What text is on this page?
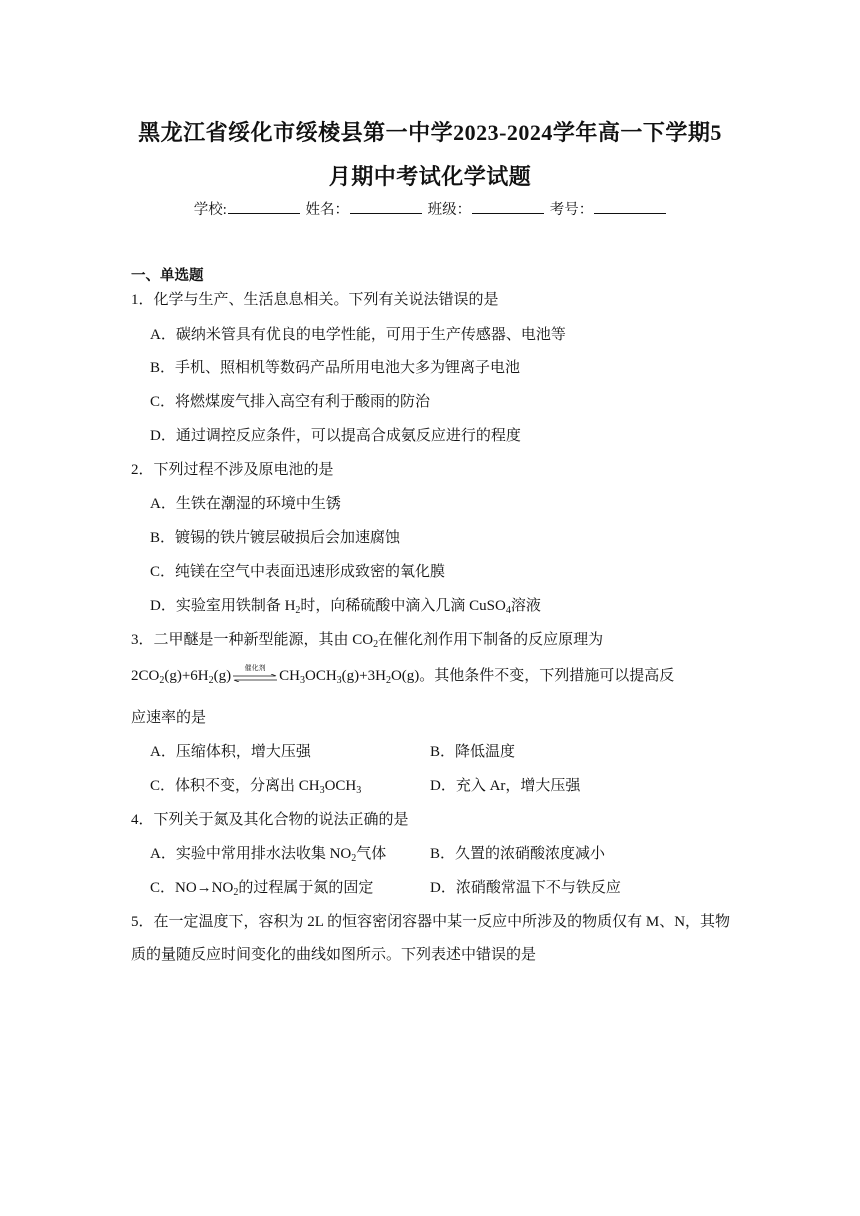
黑龙江省绥化市绥棱县第一中学2023-2024学年高一下学期5
月期中考试化学试题
学校:	姓名：	班级：	考号：
一、单选题
1．化学与生产、生活息息相关。下列有关说法错误的是
A．碳纳米管具有优良的电学性能，可用于生产传感器、电池等
B．手机、照相机等数码产品所用电池大多为锂离子电池
C．将燃煤废气排入高空有利于酸雨的防治
D．通过调控反应条件，可以提高合成氨反应进行的程度
2．下列过程不涉及原电池的是
A．生铁在潮湿的环境中生锈
B．镀锡的铁片镀层破损后会加速腐蚀
C．纯镁在空气中表面迅速形成致密的氧化膜
D．实验室用铁制备 $H_2$时，向稀硫酸中滴入几滴 CuSO$_4$溶液
3．二甲醚是一种新型能源，其由 $CO_2$在催化剂作用下制备的反应原理为
$2CO_2(g)+6H_2(g)$
催化剂
$CH_3OCH_3(g)+3H_2O(g)$。其他条件不变，下列措施可以提高反
应速率的是
A．压缩体积，增大压强	B．降低温度
C．体积不变，分离出 $CH_3OCH_3$	D．充入 Ar，增大压强
4．下列关于氮及其化合物的说法正确的是
A．实验中常用排水法收集 $NO_2$气体	B．久置的浓硝酸浓度减小
C．$NO\to NO_2$的过程属于氮的固定	D．浓硝酸常温下不与铁反应
5．在一定温度下，容积为 2L 的恒容密闭容器中某一反应中所涉及的物质仅有 M、N，其物
质的量随反应时间变化的曲线如图所示。下列表述中错误的是
